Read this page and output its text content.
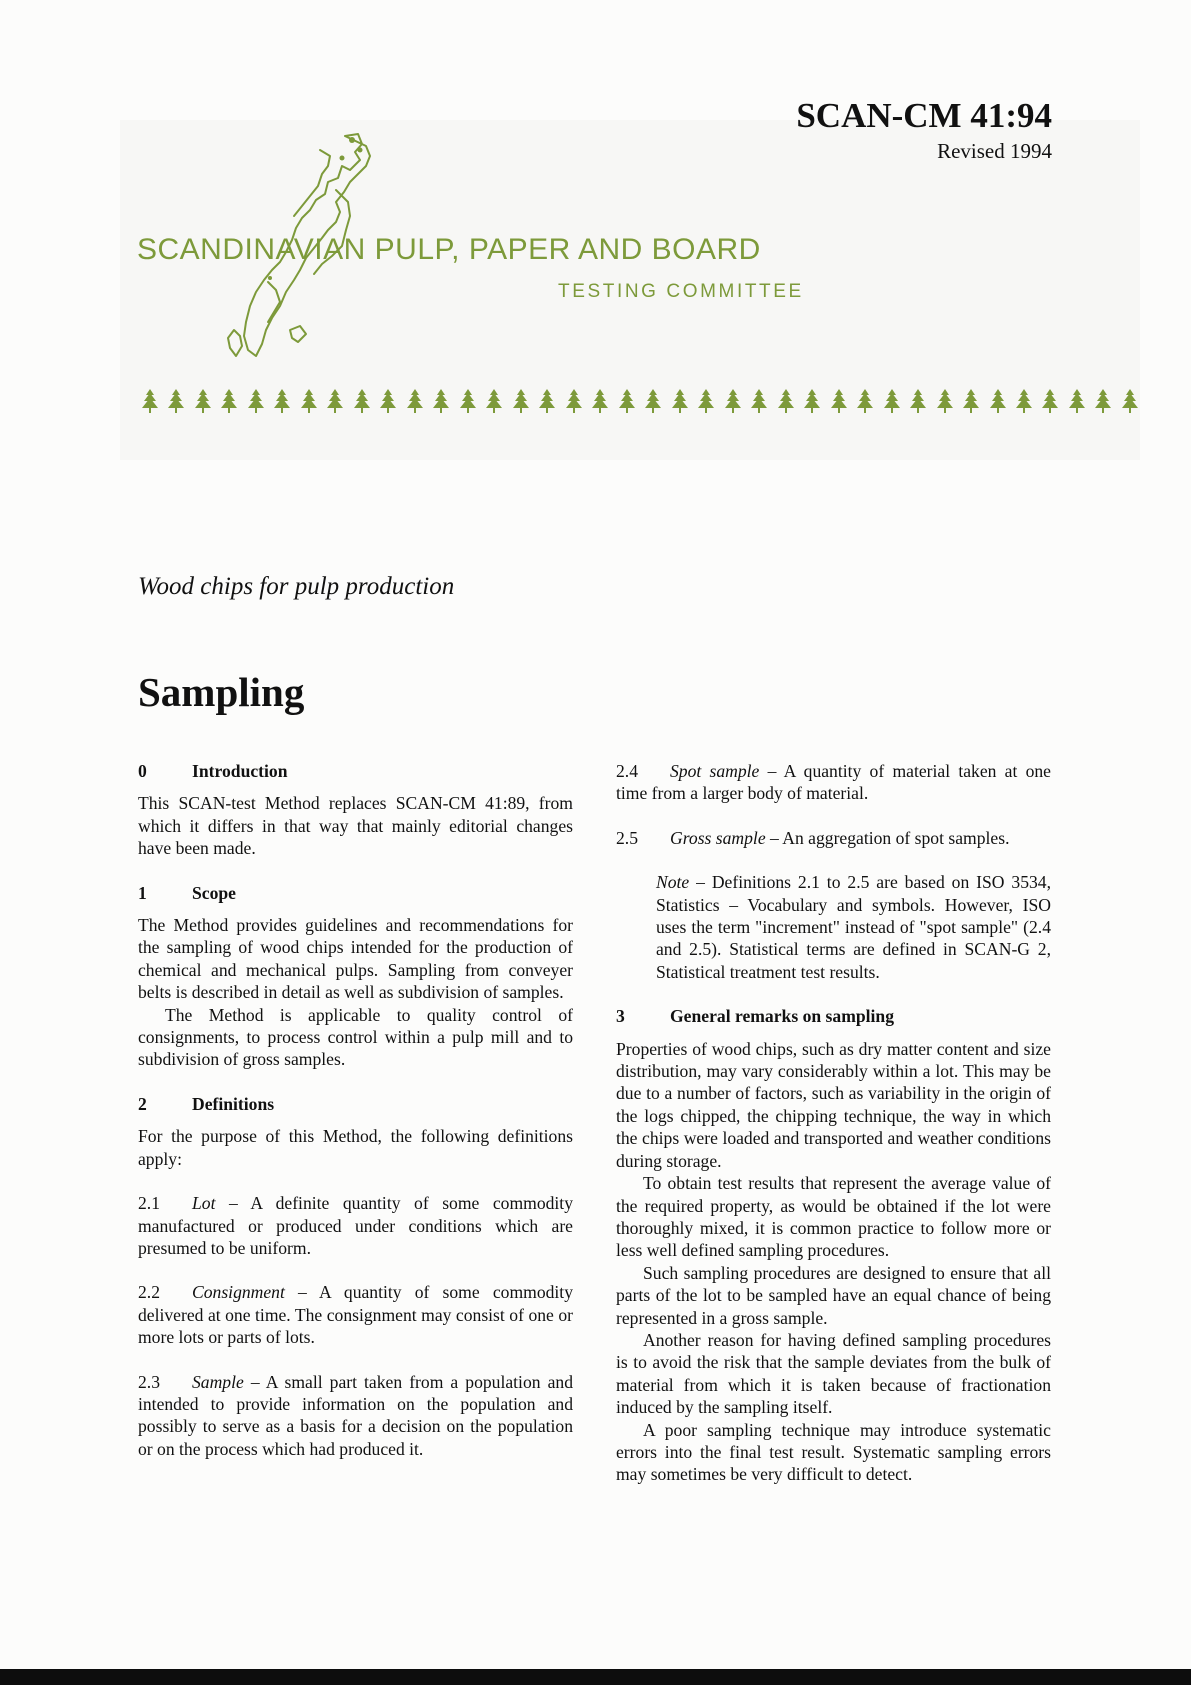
SCAN-CM 41:94
Revised 1994
SCANDINAVIAN PULP, PAPER AND BOARD
TESTING COMMITTEE
Wood chips for pulp production
Sampling
0	Introduction

This SCAN-test Method replaces SCAN-CM 41:89, from which it differs in that way that mainly editorial changes have been made.

1	Scope

The Method provides guidelines and recommendations for the sampling of wood chips intended for the production of chemical and mechanical pulps. Sampling from conveyer belts is described in detail as well as subdivision of samples.

The Method is applicable to quality control of consignments, to process control within a pulp mill and to subdivision of gross samples.

2	Definitions

For the purpose of this Method, the following definitions apply:

2.1 Lot – A definite quantity of some commodity manufactured or produced under conditions which are presumed to be uniform.

2.2 Consignment – A quantity of some commodity delivered at one time. The consignment may consist of one or more lots or parts of lots.

2.3 Sample – A small part taken from a population and intended to provide information on the population and possibly to serve as a basis for a decision on the population or on the process which had produced it.

2.4 Spot sample – A quantity of material taken at one time from a larger body of material.

2.5 Gross sample – An aggregation of spot samples.

Note – Definitions 2.1 to 2.5 are based on ISO 3534, Statistics – Vocabulary and symbols. However, ISO uses the term "increment" instead of "spot sample" (2.4 and 2.5). Statistical terms are defined in SCAN-G 2, Statistical treatment test results.

3	General remarks on sampling

Properties of wood chips, such as dry matter content and size distribution, may vary considerably within a lot. This may be due to a number of factors, such as variability in the origin of the logs chipped, the chipping technique, the way in which the chips were loaded and transported and weather conditions during storage.

To obtain test results that represent the average value of the required property, as would be obtained if the lot were thoroughly mixed, it is common practice to follow more or less well defined sampling procedures.

Such sampling procedures are designed to ensure that all parts of the lot to be sampled have an equal chance of being represented in a gross sample.

Another reason for having defined sampling procedures is to avoid the risk that the sample deviates from the bulk of material from which it is taken because of fractionation induced by the sampling itself.

A poor sampling technique may introduce systematic errors into the final test result. Systematic sampling errors may sometimes be very difficult to detect.
